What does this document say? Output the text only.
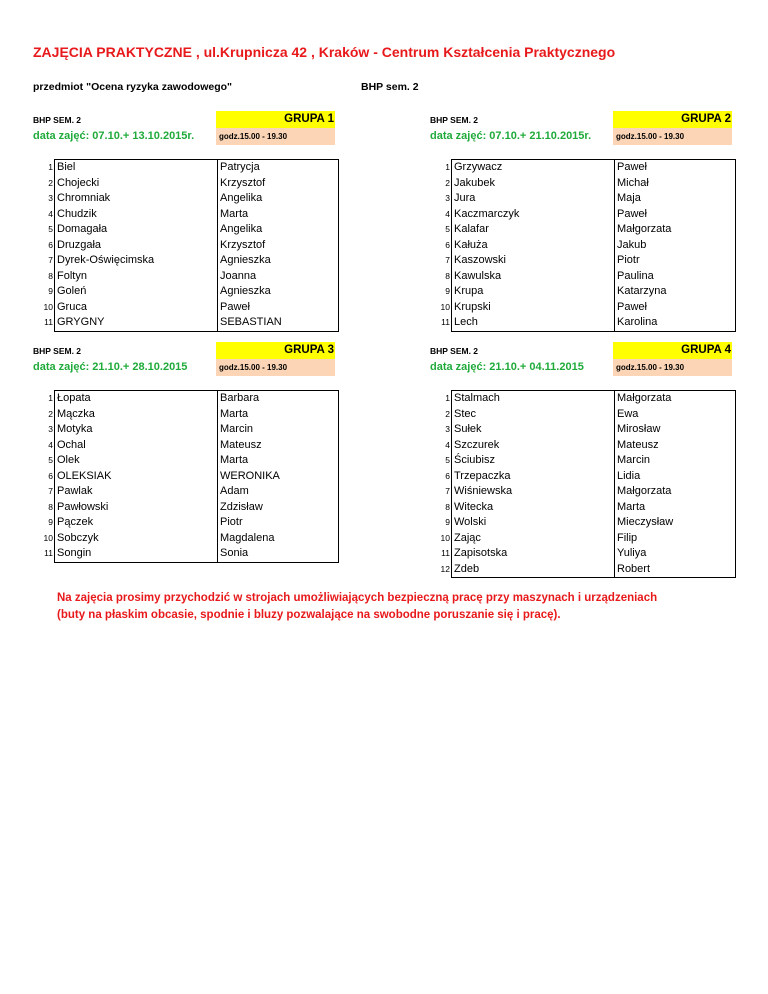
ZAJĘCIA PRAKTYCZNE , ul.Krupnicza 42 , Kraków - Centrum Kształcenia Praktycznego
przedmiot "Ocena ryzyka zawodowego"	BHP sem. 2
BHP SEM. 2	GRUPA 1
data zajęć: 07.10.+ 13.10.2015r.	godz.15.00 - 19.30
1	Biel	Patrycja
2	Chojecki	Krzysztof
3	Chromniak	Angelika
4	Chudzik	Marta
5	Domagała	Angelika
6	Druzgała	Krzysztof
7	Dyrek-Oświęcimska	Agnieszka
8	Foltyn	Joanna
9	Goleń	Agnieszka
10	Gruca	Paweł
11	GRYGNY	SEBASTIAN
BHP SEM. 2	GRUPA 2
data zajęć: 07.10.+ 21.10.2015r.	godz.15.00 - 19.30
1	Grzywacz	Paweł
2	Jakubek	Michał
3	Jura	Maja
4	Kaczmarczyk	Paweł
5	Kalafar	Małgorzata
6	Kałuża	Jakub
7	Kaszowski	Piotr
8	Kawulska	Paulina
9	Krupa	Katarzyna
10	Krupski	Paweł
11	Lech	Karolina
BHP SEM. 2	GRUPA 3
data zajęć: 21.10.+ 28.10.2015	godz.15.00 - 19.30
1	Łopata	Barbara
2	Mączka	Marta
3	Motyka	Marcin
4	Ochal	Mateusz
5	Olek	Marta
6	OLEKSIAK	WERONIKA
7	Pawlak	Adam
8	Pawłowski	Zdzisław
9	Pączek	Piotr
10	Sobczyk	Magdalena
11	Songin	Sonia
BHP SEM. 2	GRUPA 4
data zajęć: 21.10.+ 04.11.2015	godz.15.00 - 19.30
1	Stalmach	Małgorzata
2	Stec	Ewa
3	Sułek	Mirosław
4	Szczurek	Mateusz
5	Ściubisz	Marcin
6	Trzepaczka	Lidia
7	Wiśniewska	Małgorzata
8	Witecka	Marta
9	Wolski	Mieczysław
10	Zając	Filip
11	Zapisotska	Yuliya
12	Zdeb	Robert
Na zajęcia prosimy przychodzić w strojach umożliwiających bezpieczną pracę przy maszynach i urządzeniach
(buty na płaskim obcasie, spodnie i bluzy pozwalające na swobodne poruszanie się i pracę).
